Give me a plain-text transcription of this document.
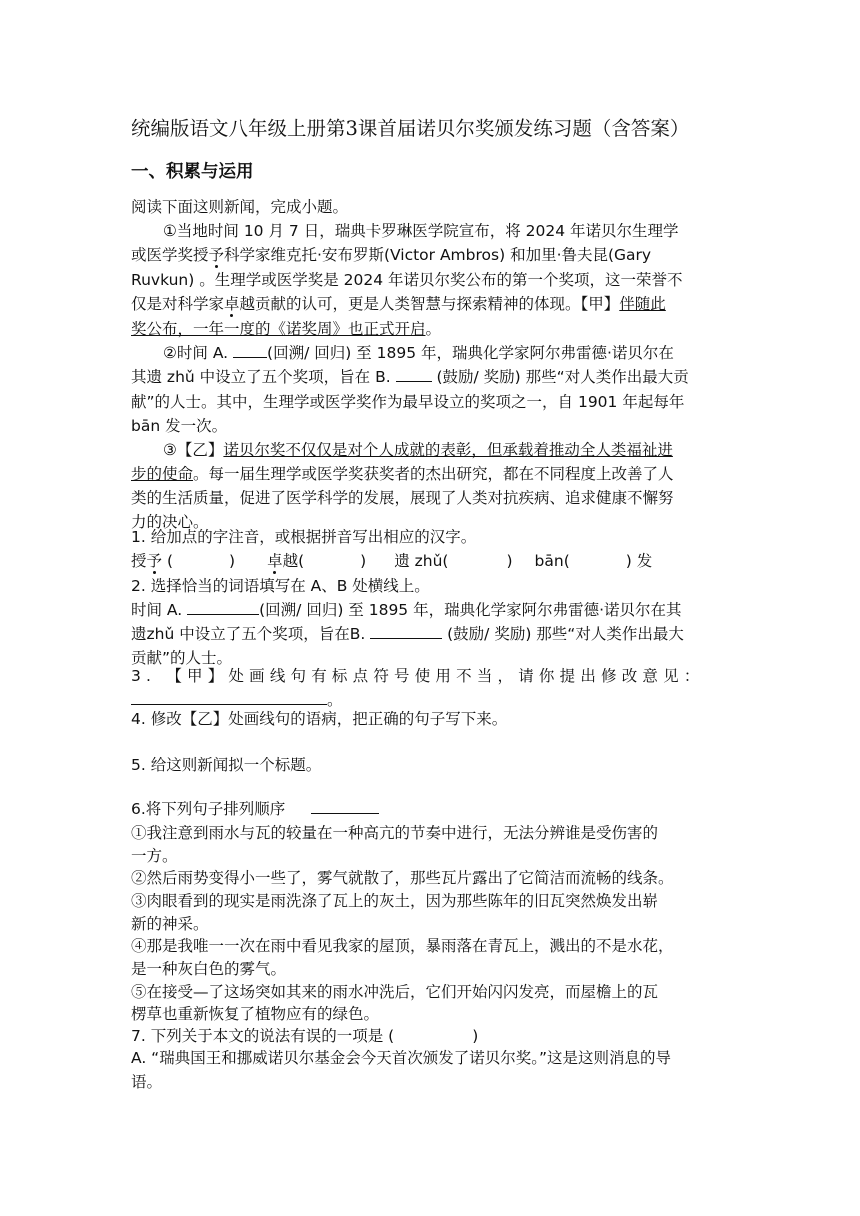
统编版语文八年级上册第3课首届诺贝尔奖颁发练习题（含答案）
一、积累与运用
阅读下面这则新闻，完成小题。
①当地时间 10 月 7 日，瑞典卡罗琳医学院宣布，将 2024 年诺贝尔生理学
或医学奖授予科学家维克托·安布罗斯(Victor Ambros) 和加里·鲁夫昆(Gary
Ruvkun) 。生理学或医学奖是 2024 年诺贝尔奖公布的第一个奖项，这一荣誉不
仅是对科学家卓越贡献的认可，更是人类智慧与探索精神的体现。【甲】伴随此
奖公布，一年一度的《诺奖周》也正式开启。
②时间 A. (回溯/ 回归) 至 1895 年，瑞典化学家阿尔弗雷德·诺贝尔在
其遗 zhǔ 中设立了五个奖项，旨在 B.  (鼓励/ 奖励) 那些“对人类作出最大贡
献”的人士。其中，生理学或医学奖作为最早设立的奖项之一，自 1901 年起每年
bān 发一次。
③【乙】诺贝尔奖不仅仅是对个人成就的表彰，但承载着推动全人类福祉进
步的使命。每一届生理学或医学奖获奖者的杰出研究，都在不同程度上改善了人
类的生活质量，促进了医学科学的发展，展现了人类对抗疾病、追求健康不懈努
力的决心。
1. 给加点的字注音，或根据拼音写出相应的汉字。
授予 (	) 卓越(	) 遗 zhǔ(	) bān(	) 发
2. 选择恰当的词语填写在 A、B 处横线上。
时间 A.	(回溯/ 回归) 至 1895 年，瑞典化学家阿尔弗雷德·诺贝尔在其
遗zhǔ 中设立了五个奖项，旨在B.	(鼓励/ 奖励) 那些“对人类作出最大
贡献”的人士。
3. 【甲】处画线句有标点符号使用不当，请你提出修改意见：
。
4. 修改【乙】处画线句的语病，把正确的句子写下来。
5. 给这则新闻拟一个标题。
6.将下列句子排列顺序
①我注意到雨水与瓦的较量在一种高亢的节奏中进行，无法分辨谁是受伤害的
一方。
②然后雨势变得小一些了，雾气就散了，那些瓦片露出了它简洁而流畅的线条。
③肉眼看到的现实是雨洗涤了瓦上的灰土，因为那些陈年的旧瓦突然焕发出崭
新的神采。
④那是我唯一一次在雨中看见我家的屋顶，暴雨落在青瓦上，溅出的不是水花，
是一种灰白色的雾气。
⑤在接受—了这场突如其来的雨水冲洗后，它们开始闪闪发亮，而屋檐上的瓦
楞草也重新恢复了植物应有的绿色。
7. 下列关于本文的说法有误的一项是 (	)
A. “瑞典国王和挪威诺贝尔基金会今天首次颁发了诺贝尔奖。”这是这则消息的导
语。
